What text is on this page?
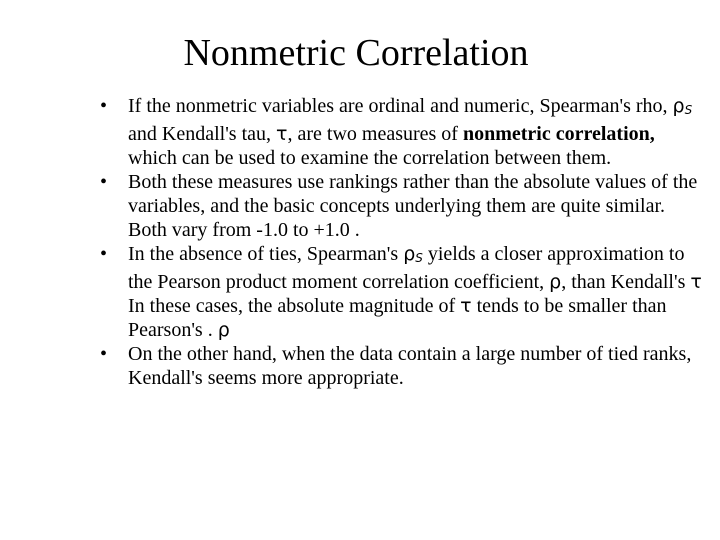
Nonmetric Correlation
• If the nonmetric variables are ordinal and numeric, Spearman's rho, ρS and Kendall's tau, τ, are two measures of nonmetric correlation, which can be used to examine the correlation between them.
• Both these measures use rankings rather than the absolute values of the variables, and the basic concepts underlying them are quite similar. Both vary from -1.0 to +1.0 .
• In the absence of ties, Spearman's ρS yields a closer approximation to the Pearson product moment correlation coefficient, ρ, than Kendall's τ In these cases, the absolute magnitude of τ tends to be smaller than Pearson's . ρ
• On the other hand, when the data contain a large number of tied ranks, Kendall's seems more appropriate.
